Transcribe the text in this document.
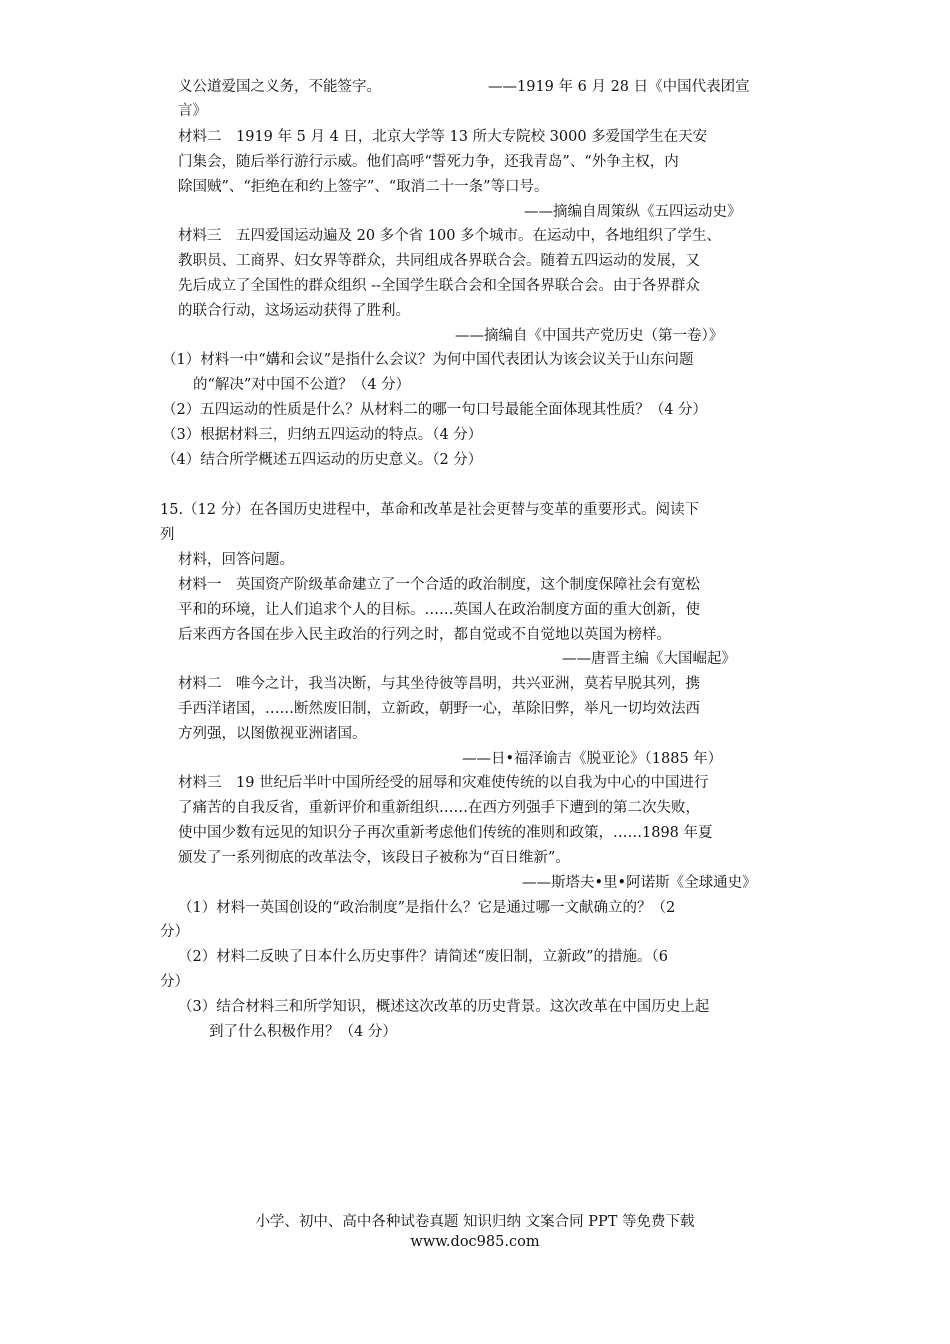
义公道爱国之义务，不能签字。	——1919 年 6 月 28 日《中国代表团宣
言》
材料二　1919 年 5 月 4 日，北京大学等 13 所大专院校 3000 多爱国学生在天安
门集会，随后举行游行示威。他们高呼“誓死力争，还我青岛”、“外争主权，内
除国贼”、“拒绝在和约上签字”、“取消二十一条”等口号。
——摘编自周策纵《五四运动史》
材料三　五四爱国运动遍及 20 多个省 100 多个城市。在运动中，各地组织了学生、
教职员、工商界、妇女界等群众，共同组成各界联合会。随着五四运动的发展，又
先后成立了全国性的群众组织 --全国学生联合会和全国各界联合会。由于各界群众
的联合行动，这场运动获得了胜利。
——摘编自《中国共产党历史（第一卷）》
（1）材料一中“媾和会议”是指什么会议？为何中国代表团认为该会议关于山东问题
的“解决”对中国不公道？（4 分）
（2）五四运动的性质是什么？从材料二的哪一句口号最能全面体现其性质？（4 分）
（3）根据材料三，归纳五四运动的特点。（4 分）
（4）结合所学概述五四运动的历史意义。（2 分）
15.（12 分）在各国历史进程中，革命和改革是社会更替与变革的重要形式。阅读下
列
材料，回答问题。
材料一　英国资产阶级革命建立了一个合适的政治制度，这个制度保障社会有宽松
平和的环境，让人们追求个人的目标。……英国人在政治制度方面的重大创新，使
后来西方各国在步入民主政治的行列之时，都自觉或不自觉地以英国为榜样。
——唐晋主编《大国崛起》
材料二　唯今之计，我当决断，与其坐待彼等昌明，共兴亚洲，莫若早脱其列，携
手西洋诸国，……断然废旧制，立新政，朝野一心，革除旧弊，举凡一切均效法西
方列强，以图傲视亚洲诸国。
——日•福泽谕吉《脱亚论》（1885 年）
材料三　19 世纪后半叶中国所经受的屈辱和灾难使传统的以自我为中心的中国进行
了痛苦的自我反省，重新评价和重新组织……在西方列强手下遭到的第二次失败，
使中国少数有远见的知识分子再次重新考虑他们传统的准则和政策，……1898 年夏
颁发了一系列彻底的改革法令，该段日子被称为“百日维新”。
——斯塔夫•里•阿诺斯《全球通史》
（1）材料一英国创设的“政治制度”是指什么？它是通过哪一文献确立的？（2
分）
（2）材料二反映了日本什么历史事件？请简述“废旧制，立新政”的措施。（6
分）
（3）结合材料三和所学知识，概述这次改革的历史背景。这次改革在中国历史上起
到了什么积极作用？（4 分）
小学、初中、高中各种试卷真题 知识归纳 文案合同 PPT 等免费下载
www.doc985.com
